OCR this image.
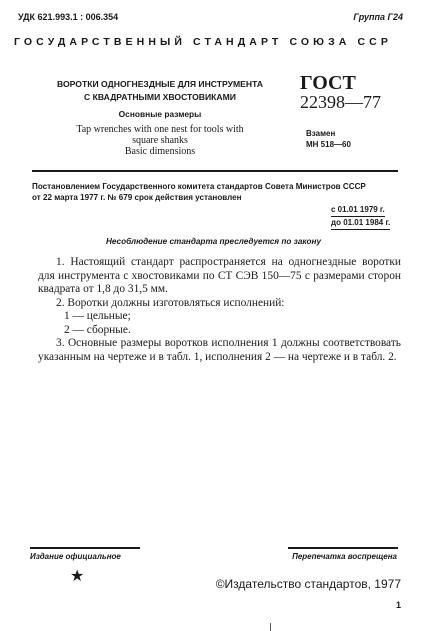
УДК 621.993.1 : 006.354	Группа Г24
ГОСУДАРСТВЕННЫЙ СТАНДАРТ СОЮЗА ССР
ВОРОТКИ ОДНОГНЕЗДНЫЕ ДЛЯ ИНСТРУМЕНТА
С КВАДРАТНЫМИ ХВОСТОВИКАМИ
Основные размеры
Tap wrenches with one nest for tools with
square shanks
Basic dimensions
ГОСТ
22398—77
Взамен
МН 518—60
Постановлением Государственного комитета стандартов Совета Министров СССР
от 22 марта 1977 г. № 679 срок действия установлен
с 01.01 1979 г.
до 01.01 1984 г.
Несоблюдение стандарта преследуется по закону

1. Настоящий стандарт распространяется на одногнездные воротки для инструмента с хвостовиками по СТ СЭВ 150—75 с размерами сторон квадрата от 1,8 до 31,5 мм.

2. Воротки должны изготовляться исполнений:

1 — цельные;

2 — сборные.

3. Основные размеры воротков исполнения 1 должны соответствовать указанным на чертеже и в табл. 1, исполнения 2 — на чертеже и в табл. 2.

Издание официальное	Перепечатка воспрещена
★	©Издательство стандартов, 1977
1
